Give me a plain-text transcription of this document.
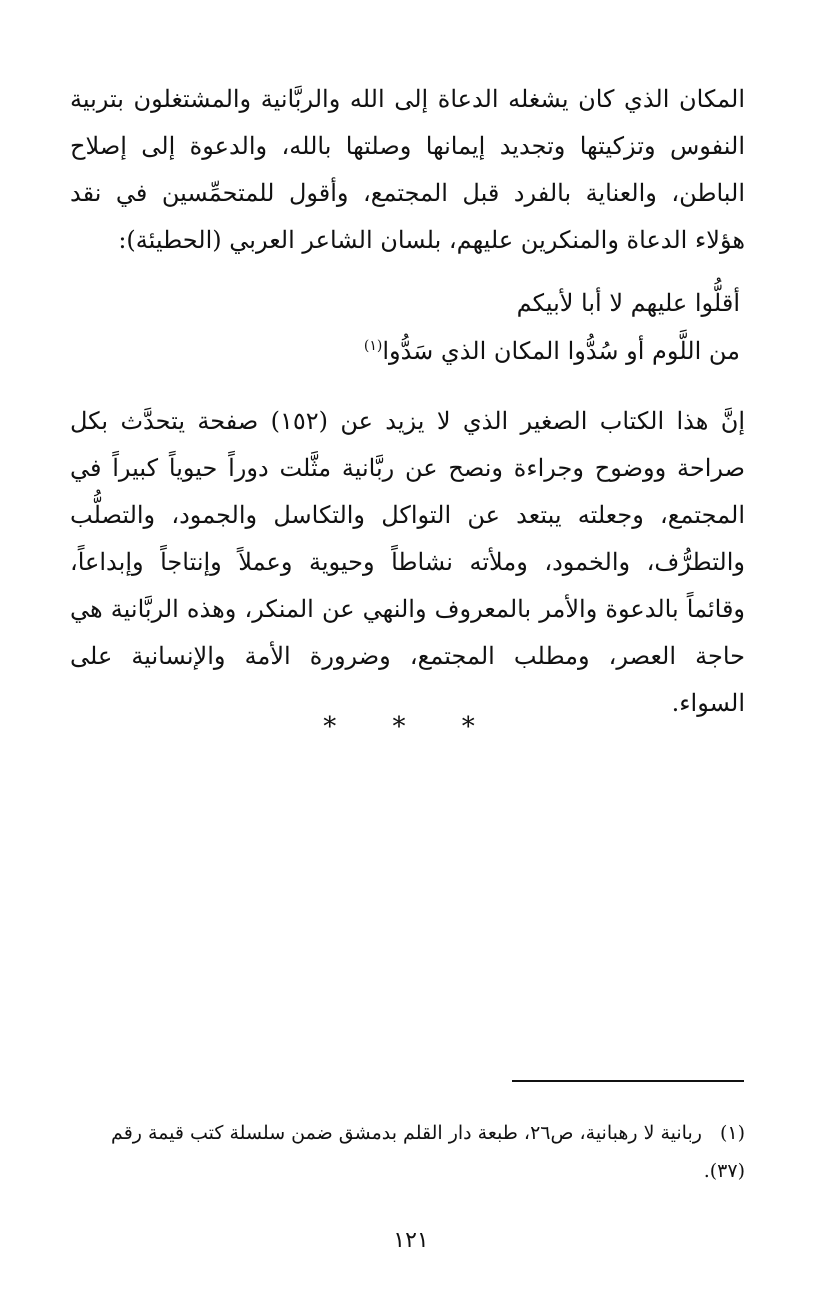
المكان الذي كان يشغله الدعاة إلى الله والربَّانية والمشتغلون بتربية النفوس وتزكيتها وتجديد إيمانها وصلتها بالله، والدعوة إلى إصلاح الباطن، والعناية بالفرد قبل المجتمع، وأقول للمتحمِّسين في نقد هؤلاء الدعاة والمنكرين عليهم، بلسان الشاعر العربي (الحطيئة):

أقلُّوا عليهم لا أبا لأبيكم

من اللَّوم أو سُدُّوا المكان الذي سَدُّوا$^{(١)}$

إنَّ هذا الكتاب الصغير الذي لا يزيد عن (١٥٢) صفحة يتحدَّث بكل صراحة ووضوح وجراءة ونصح عن ربَّانية مثَّلت دوراً حيوياً كبيراً في المجتمع، وجعلته يبتعد عن التواكل والتكاسل والجمود، والتصلُّب والتطرُّف، والخمود، وملأته نشاطاً وحيوية وعملاً وإنتاجاً وإبداعاً، وقائماً بالدعوة والأمر بالمعروف والنهي عن المنكر، وهذه الربَّانية هي حاجة العصر، ومطلب المجتمع، وضرورة الأمة والإنسانية على السواء.

* * *

(١)ربانية لا رهبانية، ص٢٦، طبعة دار القلم بدمشق ضمن سلسلة كتب قيمة رقم (٣٧).

١٢١
